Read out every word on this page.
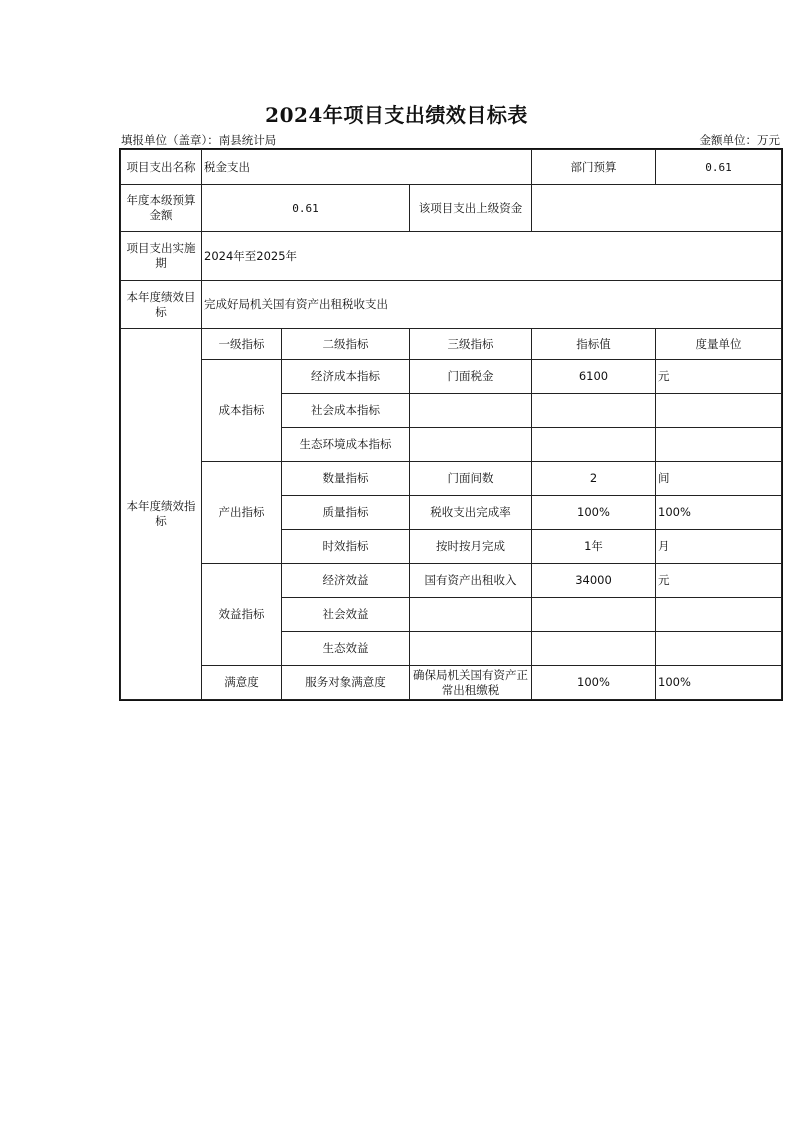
2024年项目支出绩效目标表
填报单位（盖章）：南县统计局	金额单位：万元
项目支出名称	税金支出			部门预算	0.61
年度本级预算金额	0.61		该项目支出上级资金		
项目支出实施期	2024年至2025年				
本年度绩效目标	完成好局机关国有资产出租税收支出				
本年度绩效指标	一级指标	二级指标	三级指标	指标值	度量单位
	成本指标	经济成本指标	门面税金	6100	元
		社会成本指标			
		生态环境成本指标			
	产出指标	数量指标	门面间数	2	间
		质量指标	税收支出完成率	100%	100%
		时效指标	按时按月完成	1年	月
	效益指标	经济效益	国有资产出租收入	34000	元
		社会效益			
		生态效益			
	满意度	服务对象满意度	确保局机关国有资产正常出租缴税	100%	100%
